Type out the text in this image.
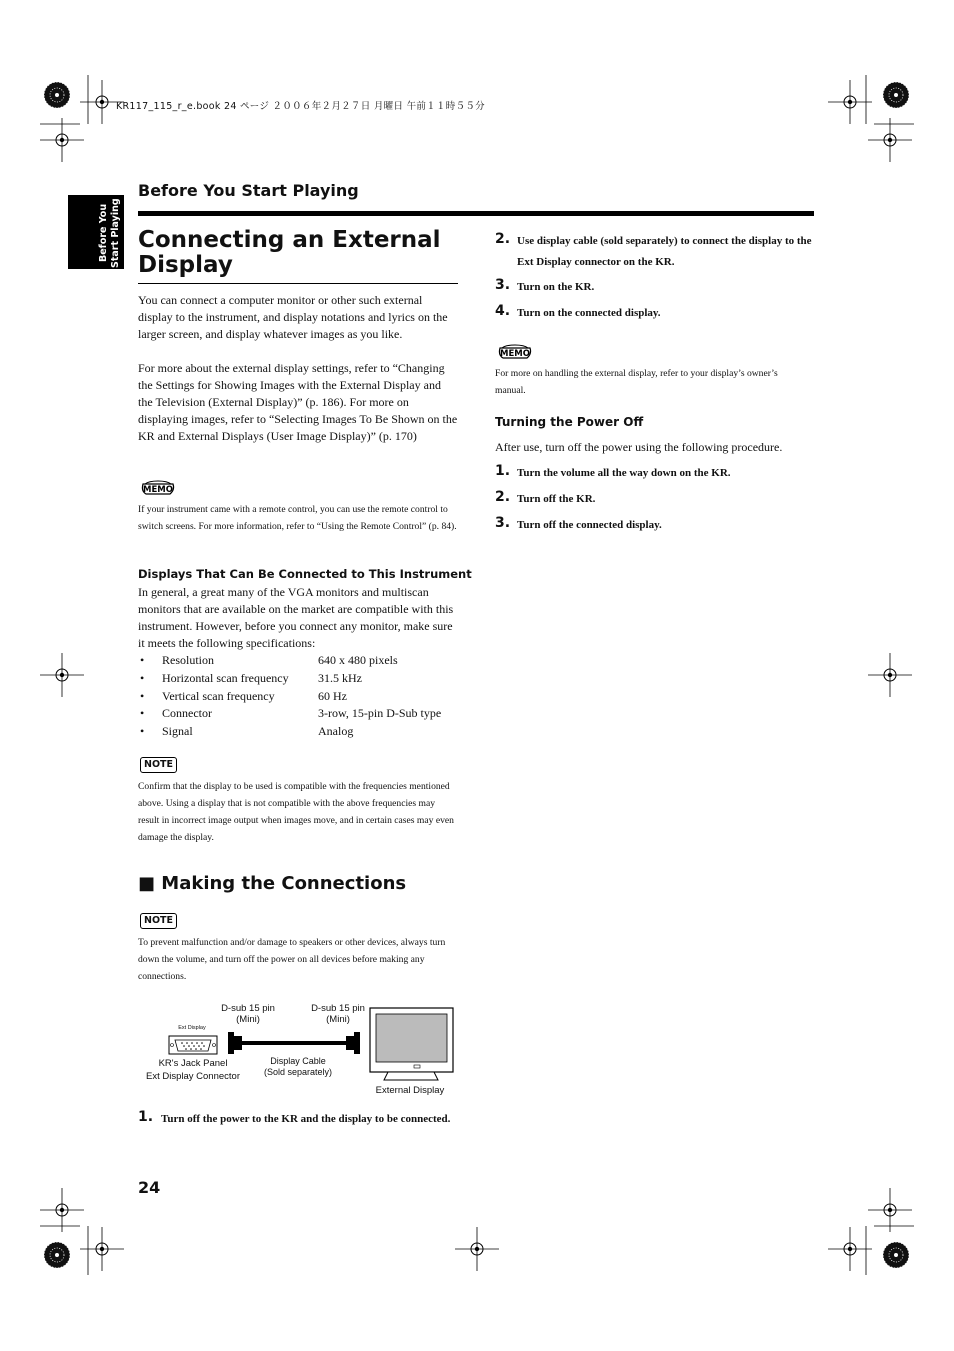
KR117_115_r_e.book 24 ページ ２００６年２月２７日 月曜日 午前１１時５５分
Before You Start Playing
Before You Start Playing
Connecting an External Display
You can connect a computer monitor or other such external display to the instrument, and display notations and lyrics on the larger screen, and display whatever images as you like.
For more about the external display settings, refer to “Changing the Settings for Showing Images with the External Display and the Television (External Display)” (p. 186). For more on displaying images, refer to “Selecting Images To Be Shown on the KR and External Displays (User Image Display)” (p. 170)
MEMO
If your instrument came with a remote control, you can use the remote control to switch screens. For more information, refer to “Using the Remote Control” (p. 84).
Displays That Can Be Connected to This Instrument
In general, a great many of the VGA monitors and multiscan monitors that are available on the market are compatible with this instrument. However, before you connect any monitor, make sure it meets the following specifications:
• Resolution	640 x 480 pixels
• Horizontal scan frequency 31.5 kHz
• Vertical scan frequency	60 Hz
• Connector	3-row, 15-pin D-Sub type
• Signal	Analog
NOTE
Confirm that the display to be used is compatible with the frequencies mentioned above. Using a display that is not compatible with the above frequencies may result in incorrect image output when images move, and in certain cases may even damage the display.
■ Making the Connections
NOTE
To prevent malfunction and/or damage to speakers or other devices, always turn down the volume, and turn off the power on all devices before making any connections.
D-sub 15 pin
(Mini)
D-sub 15 pin
(Mini)
Ext Display
KR's Jack Panel
Ext Display Connector
Display Cable
(Sold separately)
External Display
1. Turn off the power to the KR and the display to be connected.
2. Use display cable (sold separately) to connect the display to the Ext Display connector on the KR.
3. Turn on the KR.
4. Turn on the connected display.
MEMO
For more on handling the external display, refer to your display’s owner’s manual.
Turning the Power Off
After use, turn off the power using the following procedure.
1. Turn the volume all the way down on the KR.
2. Turn off the KR.
3. Turn off the connected display.
24
